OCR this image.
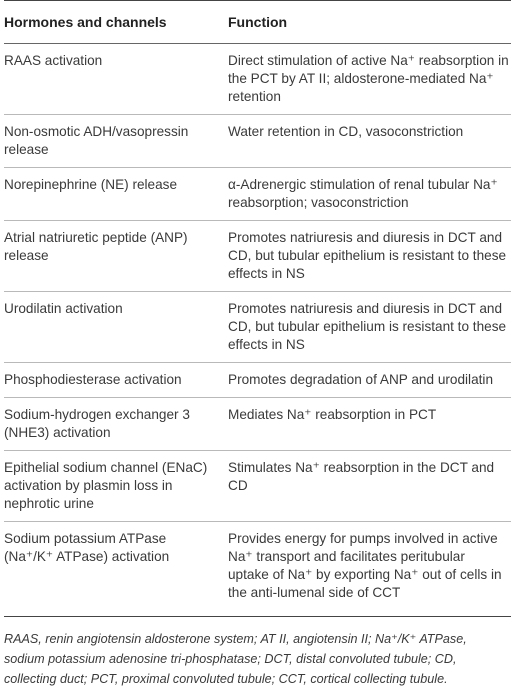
Hormones and channels	Function
RAAS activation	Direct stimulation of active Na⁺ reabsorption in the PCT by AT II; aldosterone-mediated Na⁺ retention
Non-osmotic ADH/vasopressin release	Water retention in CD, vasoconstriction
Norepinephrine (NE) release	α-Adrenergic stimulation of renal tubular Na⁺ reabsorption; vasoconstriction
Atrial natriuretic peptide (ANP) release	Promotes natriuresis and diuresis in DCT and CD, but tubular epithelium is resistant to these effects in NS
Urodilatin activation	Promotes natriuresis and diuresis in DCT and CD, but tubular epithelium is resistant to these effects in NS
Phosphodiesterase activation	Promotes degradation of ANP and urodilatin
Sodium-hydrogen exchanger 3 (NHE3) activation	Mediates Na⁺ reabsorption in PCT
Epithelial sodium channel (ENaC) activation by plasmin loss in nephrotic urine	Stimulates Na⁺ reabsorption in the DCT and CD
Sodium potassium ATPase (Na⁺/K⁺ ATPase) activation	Provides energy for pumps involved in active Na⁺ transport and facilitates peritubular uptake of Na⁺ by exporting Na⁺ out of cells in the anti-lumenal side of CCT
RAAS, renin angiotensin aldosterone system; AT II, angiotensin II; Na⁺/K⁺ ATPase, sodium potassium adenosine tri-phosphatase; DCT, distal convoluted tubule; CD, collecting duct; PCT, proximal convoluted tubule; CCT, cortical collecting tubule.
